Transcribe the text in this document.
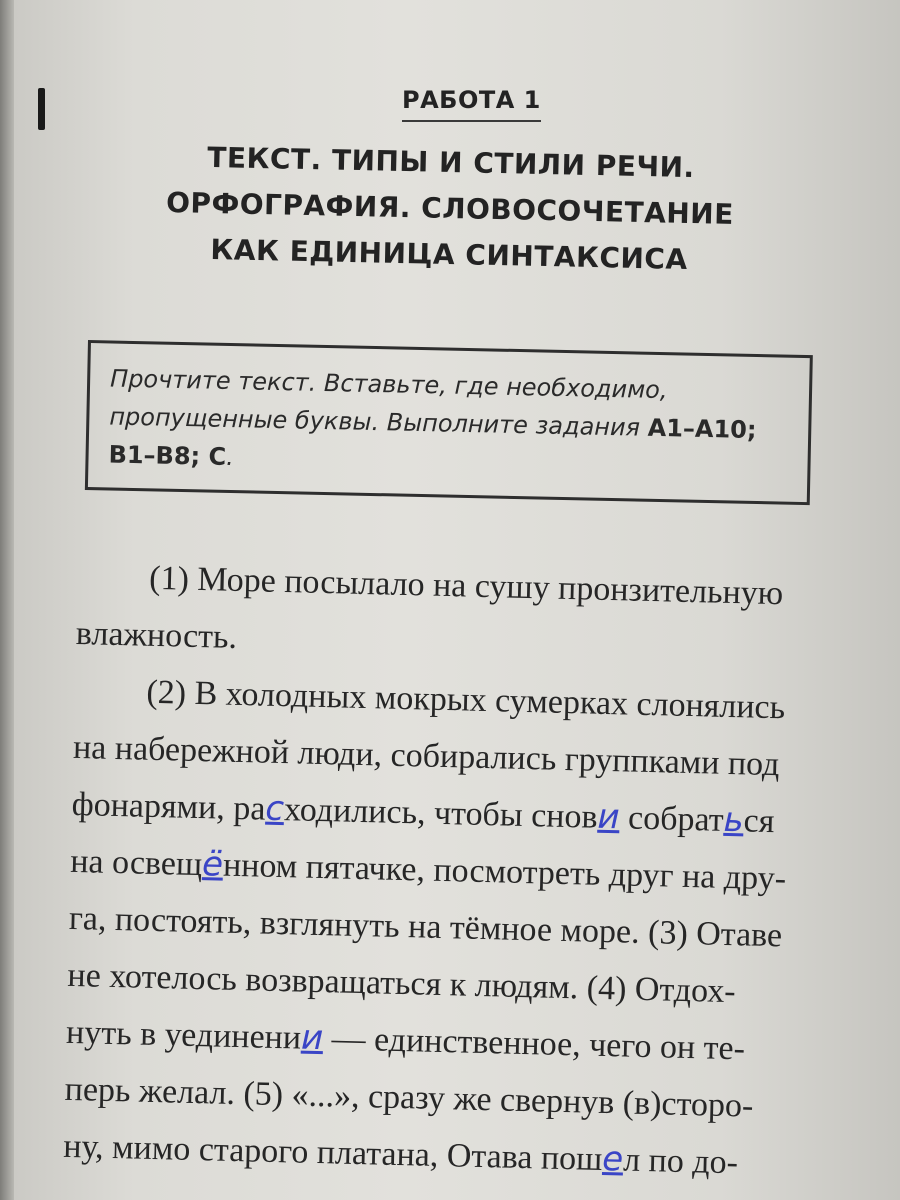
РАБОТА 1
ТЕКСТ. ТИПЫ И СТИЛИ РЕЧИ.
ОРФОГРАФИЯ. СЛОВОСОЧЕТАНИЕ
КАК ЕДИНИЦА СИНТАКСИСА
Прочтите текст. Вставьте, где необходимо, пропущенные буквы. Выполните задания A1–A10; B1–B8; C.
(1) Море посылало на сушу пронзительную
влажность.
(2) В холодных мокрых сумерках слонялись
на набережной люди, собирались группками под
фонарями, расходились, чтобы снови собраться
на освещённом пятачке, посмотреть друг на дру-
га, постоять, взглянуть на тёмное море. (3) Отаве
не хотелось возвращаться к людям. (4) Отдох-
нуть в уединении — единственное, чего он те-
перь желал. (5) «...», сразу же свернув (в)сторо-
ну, мимо старого платана, Отава пошел по до-
